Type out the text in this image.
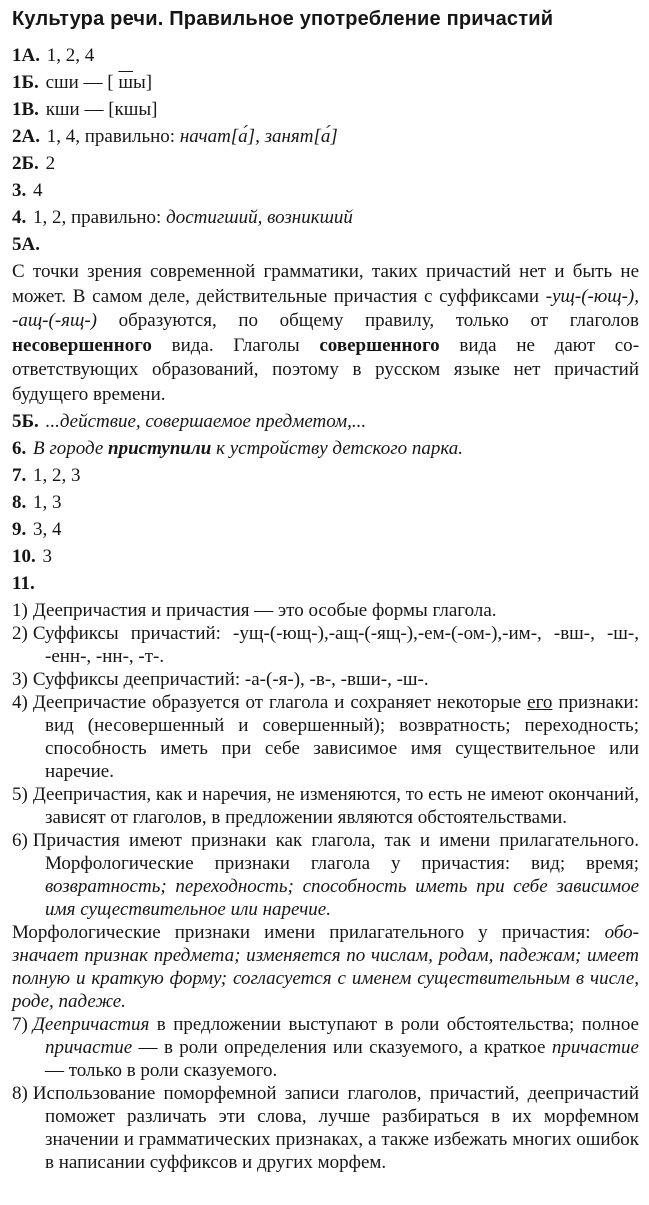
Культура речи. Правильное употребление причастий
1А. 1, 2, 4
1Б. сши — [ шы]
1В. кши — [кшы]
2А. 1, 4, правильно: начат[а́], занят[а́]
2Б. 2
3. 4
4. 1, 2, правильно: достигший, возникший
5А.
С точки зрения современной грамматики, таких причастий нет и быть не может. В самом деле, действительные причастия с суффиксами -ущ-(-ющ-), -ащ-(-ящ-) образуются, по общему правилу, только от глаголов несовершенного вида. Глаголы совершенного вида не дают соответствующих образований, поэтому в русском языке нет причастий будущего времени.
5Б. ...действие, совершаемое предметом,...
6. В городе приступили к устройству детского парка.
7. 1, 2, 3
8. 1, 3
9. 3, 4
10. 3
11.
1) Деепричастия и причастия — это особые формы глагола.
2) Суффиксы причастий: -ущ-(-ющ-),-ащ-(-ящ-),-ем-(-ом-),-им-, -вш-, -ш-, -енн-, -нн-, -т-.
3) Суффиксы деепричастий: -а-(-я-), -в-, -вши-, -ш-.
4) Деепричастие образуется от глагола и сохраняет некоторые его признаки: вид (несовершенный и совершенный); возвратность; переходность; способность иметь при себе зависимое имя существительное или наречие.
5) Деепричастия, как и наречия, не изменяются, то есть не имеют окончаний, зависят от глаголов, в предложении являются обстоятельствами.
6) Причастия имеют признаки как глагола, так и имени прилагательного. Морфологические признаки глагола у причастия: вид; время; возвратность; переходность; способность иметь при себе зависимое имя существительное или наречие.
Морфологические признаки имени прилагательного у причастия: обозначает признак предмета; изменяется по числам, родам, падежам; имеет полную и краткую форму; согласуется с именем существительным в числе, роде, падеже.
7) Деепричастия в предложении выступают в роли обстоятельства; полное причастие — в роли определения или сказуемого, а краткое причастие — только в роли сказуемого.
8) Использование поморфемной записи глаголов, причастий, деепричастий поможет различать эти слова, лучше разбираться в их морфемном значении и грамматических признаках, а также избежать многих ошибок в написании суффиксов и других морфем.
